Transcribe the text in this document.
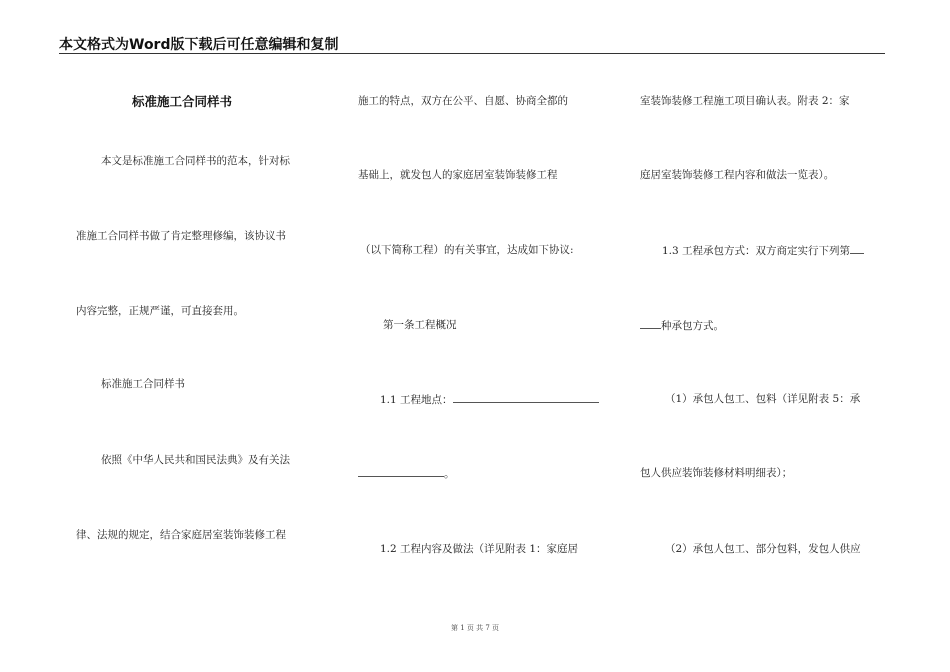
本文格式为Word版下载后可任意编辑和复制
标准施工合同样书
本文是标准施工合同样书的范本，针对标
准施工合同样书做了肯定整理修编，该协议书
内容完整，正规严谨，可直接套用。
标准施工合同样书
依照《中华人民共和国民法典》及有关法
律、法规的规定，结合家庭居室装饰装修工程
施工的特点，双方在公平、自愿、协商全都的
基础上，就发包人的家庭居室装饰装修工程
（以下简称工程）的有关事宜，达成如下协议:
第一条工程概况
1.1 工程地点：
。
1.2 工程内容及做法（详见附表 1：家庭居
室装饰装修工程施工项目确认表。附表 2：家
庭居室装饰装修工程内容和做法一览表）。
1.3 工程承包方式：双方商定实行下列第
种承包方式。
（1）承包人包工、包料（详见附表 5：承
包人供应装饰装修材料明细表）；
（2）承包人包工、部分包料，发包人供应
第 1 页 共 7 页
